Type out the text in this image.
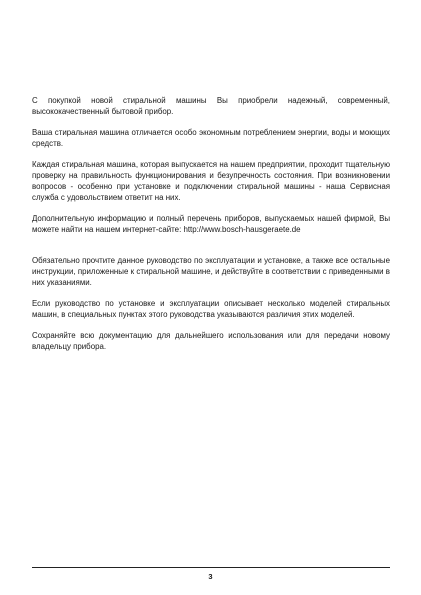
С покупкой новой стиральной машины Вы приобрели надежный, современный, высококачественный бытовой прибор.

Ваша стиральная машина отличается особо экономным потреблением энергии, воды и моющих средств.

Каждая стиральная машина, которая выпускается на нашем предприятии, проходит тщательную проверку на правильность функционирования и безупречность состояния. При возникновении вопросов - особенно при установке и подключении стиральной машины - наша Сервисная служба с удовольствием ответит на них.

Дополнительную информацию и полный перечень приборов, выпускаемых нашей фирмой, Вы можете найти на нашем интернет-сайте: http://www.bosch-hausgeraete.de

Обязательно прочтите данное руководство по эксплуатации и установке, а также все остальные инструкции, приложенные к стиральной машине, и действуйте в соответствии с приведенными в них указаниями.

Если руководство по установке и эксплуатации описывает несколько моделей стиральных машин, в специальных пунктах этого руководства указываются различия этих моделей.

Сохраняйте всю документацию для дальнейшего использования или для передачи новому владельцу прибора.

3
